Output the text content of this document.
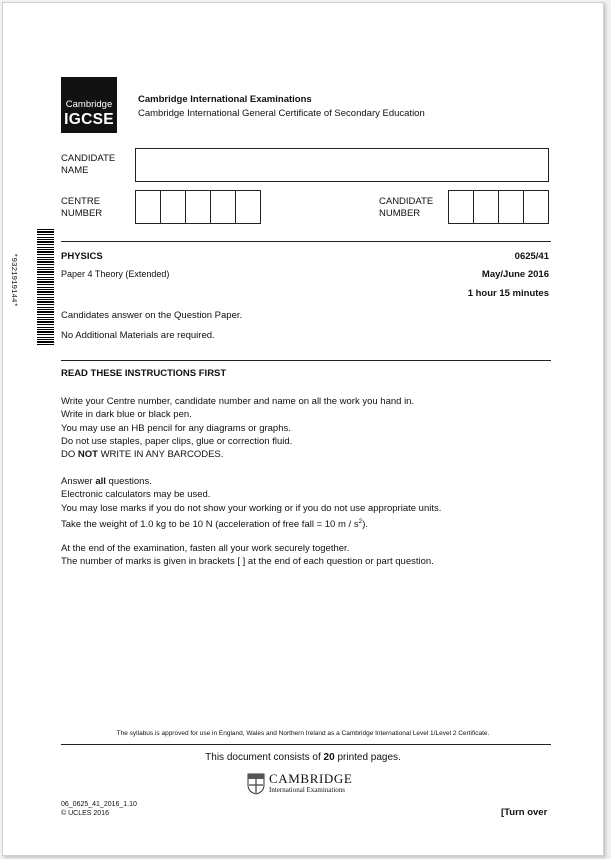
Cambridge
IGCSE
Cambridge International Examinations
Cambridge International General Certificate of Secondary Education
CANDIDATE
NAME
CENTRE
NUMBER
CANDIDATE
NUMBER
*9321919144*	PHYSICS	0625/41
Paper 4 Theory (Extended)	May/June 2016
1 hour 15 minutes
Candidates answer on the Question Paper.
No Additional Materials are required.
READ THESE INSTRUCTIONS FIRST
Write your Centre number, candidate number and name on all the work you hand in.
Write in dark blue or black pen.
You may use an HB pencil for any diagrams or graphs.
Do not use staples, paper clips, glue or correction fluid.
DO NOT WRITE IN ANY BARCODES.
Answer all questions.
Electronic calculators may be used.
You may lose marks if you do not show your working or if you do not use appropriate units.
Take the weight of 1.0 kg to be 10 N (acceleration of free fall = 10 m / $s^2$).
At the end of the examination, fasten all your work securely together.
The number of marks is given in brackets [ ] at the end of each question or part question.
The syllabus is approved for use in England, Wales and Northern Ireland as a Cambridge International Level 1/Level 2 Certificate.
This document consists of 20 printed pages.
CAMBRIDGE
International Examinations
06_0625_41_2016_1.10
© UCLES 2016	[Turn over
